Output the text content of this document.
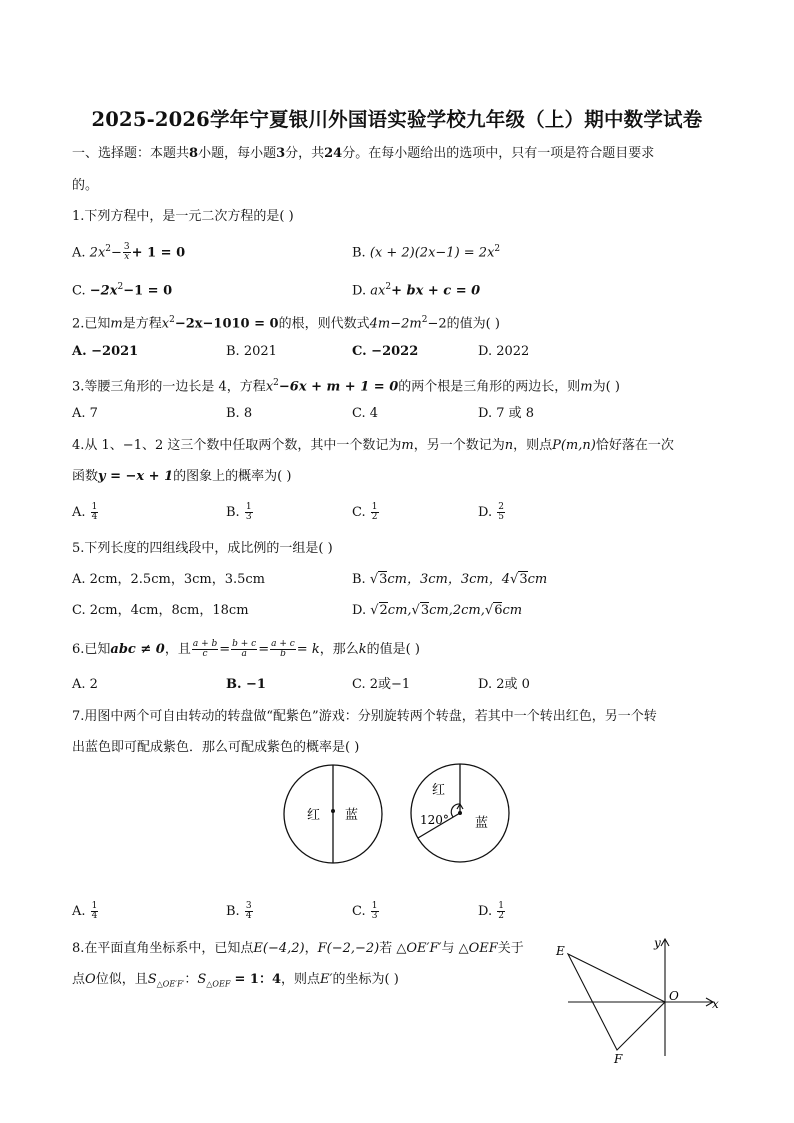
2025-2026学年宁夏银川外国语实验学校九年级（上）期中数学试卷
一、选择题：本题共8小题，每小题3分，共24分。在每小题给出的选项中，只有一项是符合题目要求
的。
1.下列方程中，是一元二次方程的是( )
A. $2x^2- \frac{3}{x} + 1 = 0$	B. $(x + 2)(2x-1) = 2x^2$
C. $-2x^2-1 = 0$	D. $ax^2+$ bx + c = 0
2.已知m是方程$x^2-2x-1010 = 0$的根，则代数式$4m-2m^2-2$的值为( )
A. −2021	B. 2021	C. −2022	D. 2022
3.等腰三角形的一边长是 4，方程$x^2-6x + m + 1 = 0$的两个根是三角形的两边长，则m为( )
A. 7	B. 8	C. 4	D. 7 或 8
4.从 1、−1、2 这三个数中任取两个数，其中一个数记为m，另一个数记为n，则点P(m,n)恰好落在一次
函数y = −x + 1的图象上的概率为( )
A. $\frac{1}{4}$	B. $\frac{1}{3}$	C. $\frac{1}{2}$	D. $\frac{2}{5}$
5.下列长度的四组线段中，成比例的一组是( )
A. 2cm，2.5cm，3cm，3.5cm	B. √3cm，3cm，3cm，4√3cm
C. 2cm，4cm，8cm，18cm	D. √2cm,√3cm,2cm,√6cm
6.已知abc ≠ 0，且 $\frac{a + b}{c} = \frac{b + c}{a} = \frac{a + c}{b} = k$，那么k的值是( )
A. 2	B. −1	C. 2或−1	D. 2或 0
7.用图中两个可自由转动的转盘做“配紫色”游戏：分别旋转两个转盘，若其中一个转出红色，另一个转
出蓝色即可配成紫色．那么可配成紫色的概率是( )
红 蓝
红
120° 蓝
A. $\frac{1}{4}$	B. $\frac{3}{4}$	C. $\frac{1}{3}$	D. $\frac{1}{2}$
8.在平面直角坐标系中，已知点E(−4,2)，F(−2,−2)若 △OE′F′与 △OEF关于
点O位似，且$S_{\triangle OE'F'}$：$S_{\triangle OEF} = 1$：4，则点E′的坐标为( )
E
F
O
x
y
